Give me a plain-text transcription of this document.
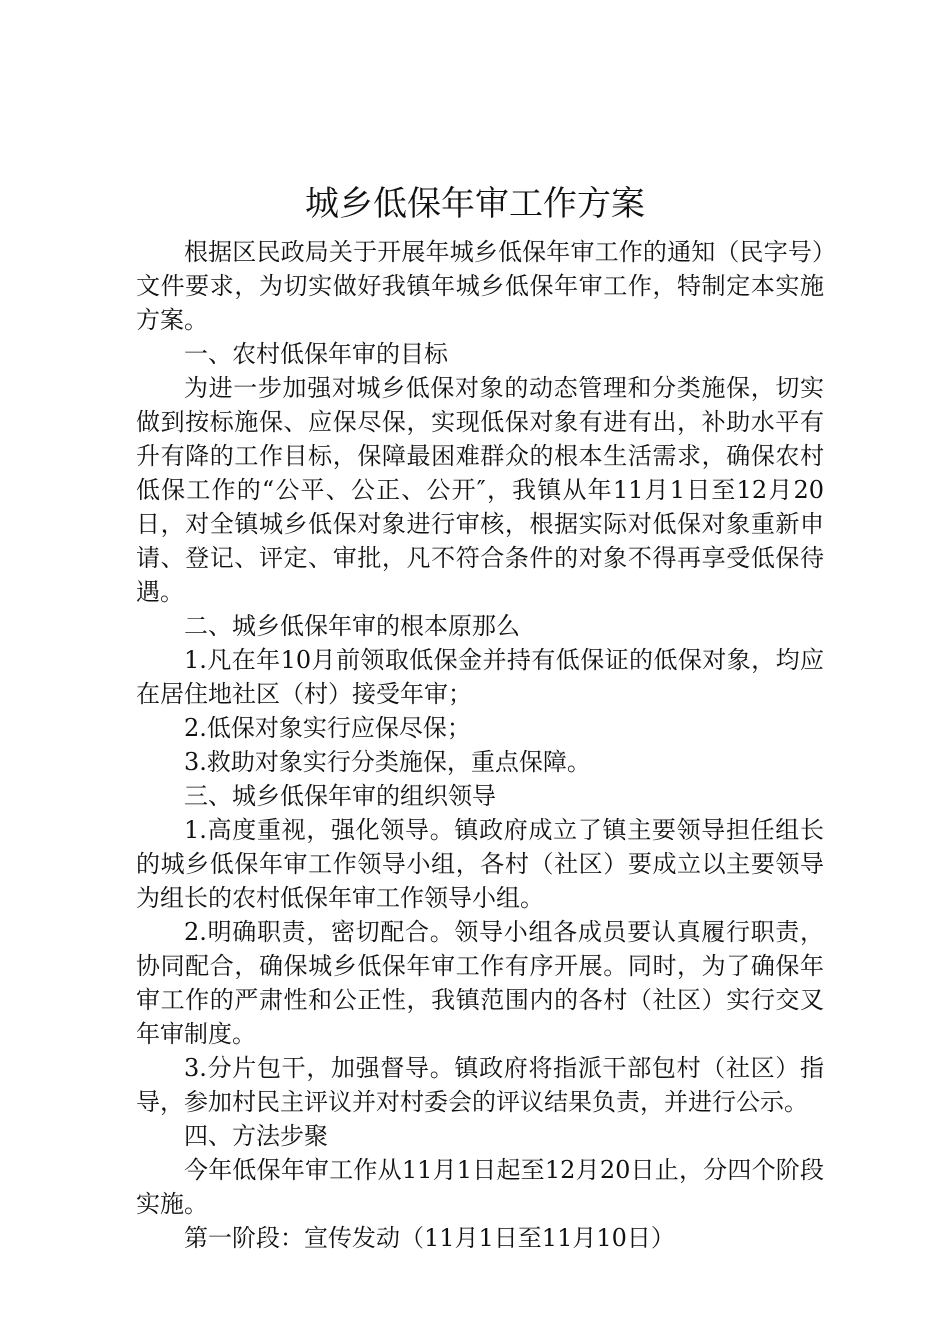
城乡低保年审工作方案

根据区民政局关于开展年城乡低保年审工作的通知（民字号）文件要求，为切实做好我镇年城乡低保年审工作，特制定本实施方案。

一、农村低保年审的目标

为进一步加强对城乡低保对象的动态管理和分类施保，切实做到按标施保、应保尽保，实现低保对象有进有出，补助水平有升有降的工作目标，保障最困难群众的根本生活需求，确保农村低保工作的“公平、公正、公开″，我镇从年11月1日至12月20日，对全镇城乡低保对象进行审核，根据实际对低保对象重新申请、登记、评定、审批，凡不符合条件的对象不得再享受低保待遇。

二、城乡低保年审的根本原那么

1.凡在年10月前领取低保金并持有低保证的低保对象，均应在居住地社区（村）接受年审；

2.低保对象实行应保尽保；

3.救助对象实行分类施保，重点保障。

三、城乡低保年审的组织领导

1.高度重视，强化领导。镇政府成立了镇主要领导担任组长的城乡低保年审工作领导小组，各村（社区）要成立以主要领导为组长的农村低保年审工作领导小组。

2.明确职责，密切配合。领导小组各成员要认真履行职责，协同配合，确保城乡低保年审工作有序开展。同时，为了确保年审工作的严肃性和公正性，我镇范围内的各村（社区）实行交叉年审制度。

3.分片包干，加强督导。镇政府将指派干部包村（社区）指导，参加村民主评议并对村委会的评议结果负责，并进行公示。

四、方法步聚

今年低保年审工作从11月1日起至12月20日止，分四个阶段实施。

第一阶段：宣传发动（11月1日至11月10日）
